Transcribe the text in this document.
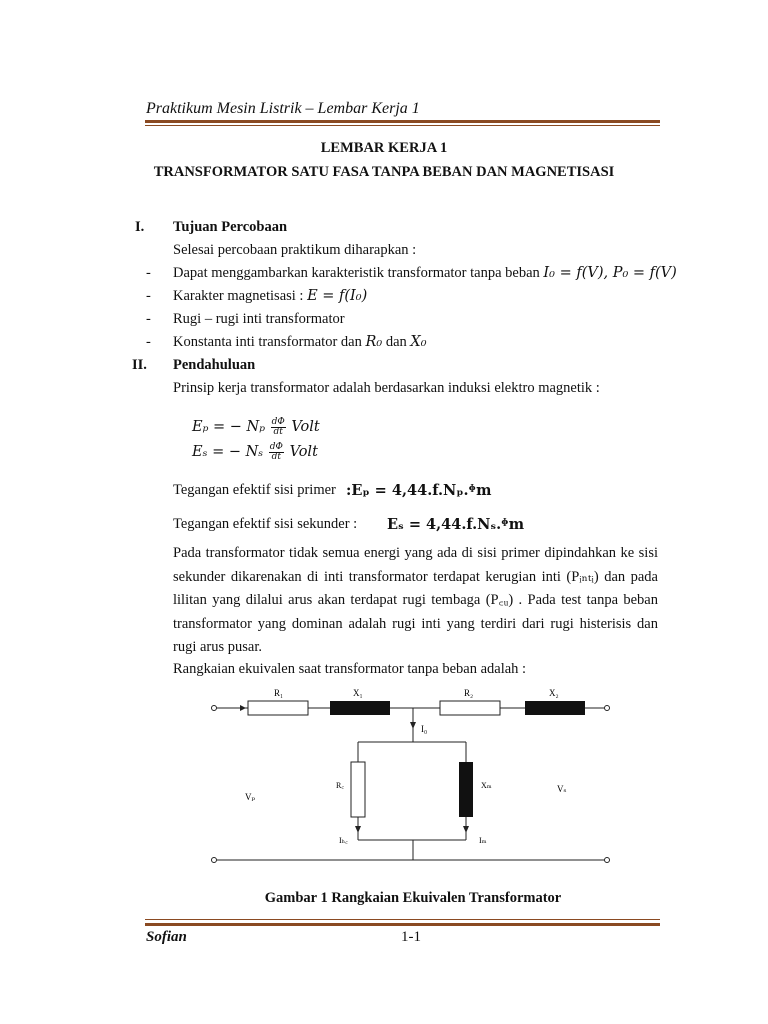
Praktikum Mesin Listrik – Lembar Kerja 1
LEMBAR KERJA 1
TRANSFORMATOR SATU FASA TANPA BEBAN DAN MAGNETISASI
I. Tujuan Percobaan
Selesai percobaan praktikum diharapkan :
- Dapat menggambarkan karakteristik transformator tanpa beban I₀ = f(V), P₀ = f(V)
- Karakter magnetisasi : E = f(I₀)
- Rugi – rugi inti transformator
- Konstanta inti transformator dan R₀ dan X₀
II. Pendahuluan
Prinsip kerja transformator adalah berdasarkan induksi elektro magnetik :
Eₚ = − Nₚ $\frac{d\Phi}{dt}$ Volt
Eₛ = − Nₛ $\frac{d\Phi}{dt}$ Volt
Tegangan efektif sisi primer :Eₚ = 4,44.f.Nₚ.ᶲm
Tegangan efektif sisi sekunder : Eₛ = 4,44.f.Nₛ.ᶲm
Pada transformator tidak semua energi yang ada di sisi primer dipindahkan ke sisi sekunder dikarenakan di inti transformator terdapat kerugian inti (Pᵢₙₜᵢ) dan pada lilitan yang dilalui arus akan terdapat rugi tembaga (P꜀ᵤ) . Pada test tanpa beban transformator yang dominan adalah rugi inti yang terdiri dari rugi histerisis dan rugi arus pusar.
Rangkaian ekuivalen saat transformator tanpa beban adalah :
R₁	X₁	R₂	X₂
I₀
R꜀	Xₘ
Vₚ
Vₛ
Iₕ꜀	Iₘ
Gambar 1 Rangkaian Ekuivalen Transformator
Sofian	1-1
